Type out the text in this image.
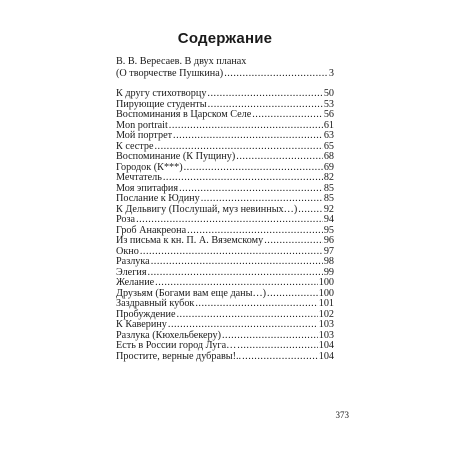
Содержание
В. В. Вересаев. В двух планах
(О творчестве Пушкина) .....	3
К другу стихотворцу .....	50
Пирующие студенты .....	53
Воспоминания в Царском Селе .....	56
Mon portrait .....	61
Мой портрет .....	63
К сестре .....	65
Воспоминание (К Пущину) .....	68
Городок (К***) .....	69
Мечтатель .....	82
Моя эпитафия .....	85
Послание к Юдину .....	85
К Дельвигу (Послушай, муз невинных…) .....	92
Роза .....	94
Гроб Анакреона .....	95
Из письма к кн. П. А. Вяземскому .....	96
Окно .....	97
Разлука .....	98
Элегия .....	99
Желание .....	100
Друзьям (Богами вам еще даны…) .....	100
Заздравный кубок .....	101
Пробуждение .....	102
К Каверину .....	103
Разлука (Кюхельбекеру) .....	103
Есть в России город Луга… .....	104
Простите, верные дубравы!.. .....	104
373
